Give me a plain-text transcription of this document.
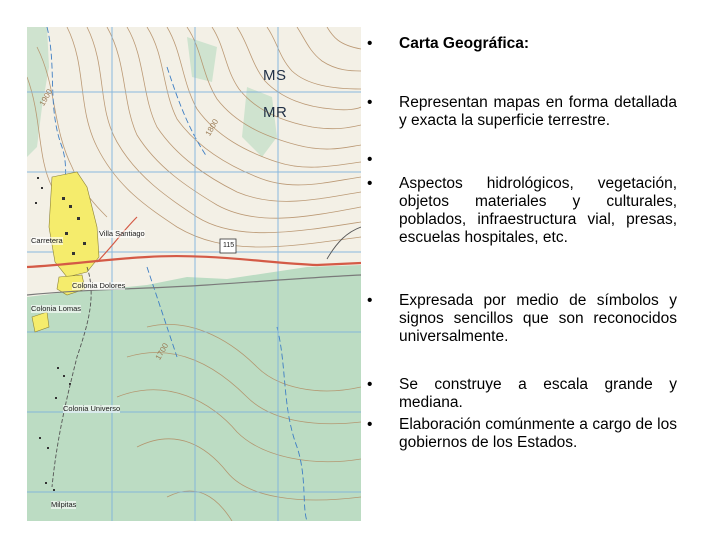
MS
MR
Villa Santiago
Colonia Dolores
Colonia Lomas
Colonia Universo
Milpitas
Carretera
1900
1800
1700
115
• Carta Geográfica:
• Representan mapas en forma detallada y exacta la superficie terrestre.
•
• Aspectos hidrológicos, vegetación, objetos materiales y culturales, poblados, infraestructura vial, presas, escuelas hospitales, etc.
• Expresada por medio de símbolos y signos sencillos que son reconocidos universalmente.
• Se construye a escala grande y mediana.
• Elaboración comúnmente a cargo de los gobiernos de los Estados.
